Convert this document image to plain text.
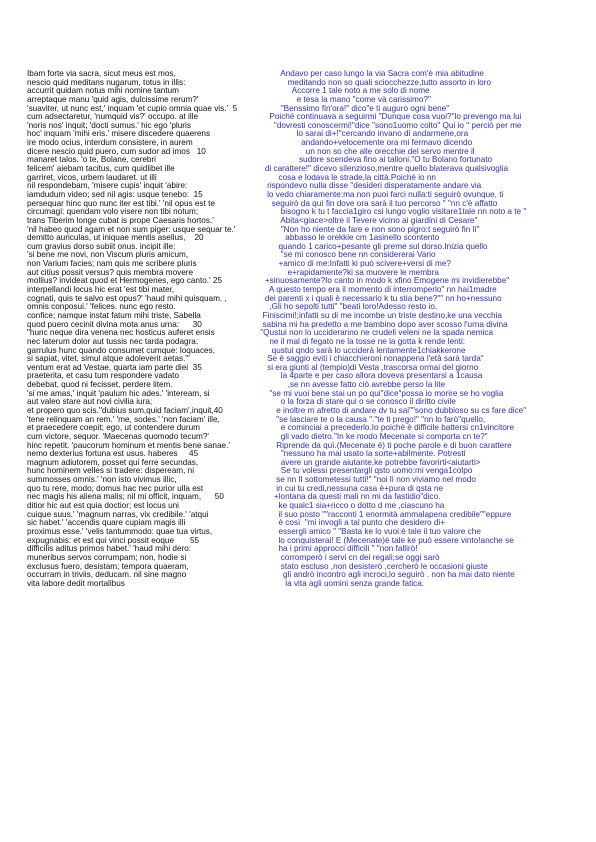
Ibam forte via sacra, sicut meus est mos,
nescio quid meditans nugarum, totus in illis:
accurrit quidam notus mihi nomine tantum
arreptaque manu 'quid agis, dulcissime rerum?'
'suaviter, ut nunc est,' inquam 'et cupio omnia quae vis.'  5
cum adsectaretur, 'numquid vis?' occupo. at ille
'noris nos' inquit; 'docti sumus.' hic ego 'pluris
hoc' inquam 'mihi eris.' misere discedere quaerens
ire modo ocius, interdum consistere, in aurem
dicere nescio quid puero, cum sudor ad imos   10
manaret talos. 'o te, Bolane, cerebri
felicem' aiebam tacitus, cum quidlibet ille
garriret, vicos, urbem laudaret. ut illi
nil respondebam, 'misere cupis' inquit 'abire:
iamdudum video; sed nil agis: usque tenebo:  15
persequar hinc quo nunc iter est tibi.' 'nil opus est te
circumagi: quendam volo visere non tibi notum;
trans Tiberim longe cubat is prope Caesaris hortos.'
'nil habeo quod agam et non sum piger: usque sequar te.'
demitto auriculas, ut iniquae mentis asellus,    20
cum gravius dorso subiit onus. incipit ille:
'si bene me novi, non Viscum pluris amicum,
non Varium facies; nam quis me scribere pluris
aut citius possit versus? quis membra movere
mollius? invideat quod et Hermogenes, ego canto.' 25
interpellandi locus hic erat 'est tibi mater,
cognati, quis te salvo est opus?' 'haud mihi quisquam. ,
omnis conposui.' 'felices. nunc ego resto.
confice; namque instat fatum mihi triste, Sabella
quod puero cecinit divina mota anus urna:      30
"hunc neque dira venena nec hosticus auferet ensis
nec laterum dolor aut tussis nec tarda podagra:
garrulus hunc quando consumet cumque: loquaces,
si sapiat, vitet, simul atque adoleverit aetas."'
ventum erat ad Vestae, quarta iam parte diei  35
praeterita, et casu tum respondere vadato
debebat, quod ni fecisset, perdere litem.
'si me amas,' inquit 'paulum hic ades.' 'inteream, si
aut valeo stare aut novi civilia iura;
et propero quo scis.''dubius sum,quid faciam',inquit,40
'tene relinquam an rem.' 'me, sodes.' 'non faciam' ille,
et praecedere coepit; ego, ut contendere durum
cum victore, sequor. 'Maecenas quomodo tecum?'
hinc repetit. 'paucorum hominum et mentis bene sanae.'
nemo dexterius fortuna est usus. haberes     45
magnum adiutorem, posset qui ferre secundas,
hunc hominem velles si tradere: dispeream, ni
summosses omnis.' 'non isto vivimus illic,
quo tu rere, modo; domus hac nec purior ulla est
nec magis his aliena malis; nil mi officit, inquam,      50
ditior hic aut est quia doctior; est locus uni
cuique suus.' 'magnum narras, vix credibile.' 'atqui
sic habet.' 'accendis quare cupiam magis illi
proximus esse.' 'velis tantummodo: quae tua virtus,
expugnabis: et est qui vinci possit eoque       55
difficilis aditus primos habet.' 'haud mihi dero:
muneribus servos corrumpam; non, hodie si
exclusus fuero, desistam; tempora quaeram,
occurram in triviis, deducam. nil sine magno
vita labore dedit mortalibus
Andavo per caso lungo la via Sacra com'è mia abitudine
meditando non so quali sciocchezze,tutto assorto in loro
Accorre 1 tale noto a me solo di nome
e tesa la mano "come và carissimo?"
"Benssimo fin'ora!" dico"e ti auguro ogni bene"
Poiché continuava a seguirmi "Dunque cosa vuoi?"lo prevengo ma lui
"dovresti conoscermi!"dice "sono1uomo colto" Qui io " perciò per me
lo sarai di+!"cercando invano di andarmene,ora
andando+velocemente ora mi fermavo dicendo
un non so che alle orecchie del servo mentre il
sudore scendeva fino ai talloni."O tu Bolano fortunato
di carattere!" dicevo silenzioso,mentre quello blaterava qualsivoglia
cosa e lodava le strade,la città.Poichè io nn
rispondevo nulla disse "desideri disperatamente andare via
lo vedo chiaramente:ma non puoi farci nulla:ti seguirò ovunque, ti
seguirò da quì fin dove ora sarà il tuo percorso " "nn c'è affatto
bisogno k tu t faccia1giro csi lungo voglio visitare1tale nn noto a te "
Abita<giace>oltre il Tevere vicino ai giardini di Cesare"
"Non ho niente da fare e non sono pigro:t seguirò fin lì"
abbasso le orekkie cm 1asinello scontento
quando 1 carico+pesante gli preme sul dorso.Inizia quello
"se mi conosco bene nn considererai Vario
+amico di me:Infatti ki può scivere+versi di me?
e+rapidamente?ki sa muovere le membra
+sinuosamente?Io canto in modo k xfino Emogene mi invidierebbe"
A questo tempo era il momento di interromperlo" nn hai1madre
dei parenti x i quali è necessario k tu stia bene?"" nn ho+nessuno
,Gli ho sepolti tutti" "beati loro!Adesso resto io.
Finiscimi!;infatti su di me incombe un triste destino,ke una vecchia
sabina mi ha predetto a me bambino dopo aver scosso l'urna divina
"Qustui non lo uccideranno ne crudeli veleni ne la spada nemica
ne il mal di fegato ne la tosse ne la gotta k rende lenti:
qustui qndo sarà lo ucciderà lentamente1chiakkerone
Se è saggio eviti i chiacchieroni nonappena l'età sarà tarda"
si era giunti al (tempio)di Vesta ,trascorsa ormai del giorno
la 4parte e per caso allora doveva presentarsi a 1causa
,se nn avesse fatto ciò avrebbe perso la lite
"se mi vuoi bene stai un po qui"dice"possa io morire se ho voglia
o la forza di stare qui o se conosco il diritto civile
e inoltre m afretto di andare dv tu sai""sono dubbioso su cs fare dice"
"se lasciare te o la causa "."te ti prego!" "nn lo farò"quello,
e cominciai a precederlo.Io poichè è difficile battersi cn1vincitore
gli vado dietro."In ke modo Mecenate si comporta cn te?"
Riprende da quì.(Mecenate è) ti poche parole e di buon carattere
"nessuno ha mai usato la sorte+abilmente. Potresti
avere un grande aiutante,ke potrebbe favorirti<aiutarti>
Se tu volessi presentargli qsto uomo:mi venga1colpo
se nn lI sottometessi tutti!" "noi lì non viviamo nel modo
in cui tu credi,nessuna casa è+pura di qsta ne
+lontana da questi mali nn mi da fastidio"dico.
ke qualc1 sia+ricco o dotto d me ,ciascuno ha
il suo posto ""racconti 1 enormità ammalapena credibile""eppure
è così  "mi invogli a tal punto che desidero di+
essergli amico " "Basta ke lo vuoi:è tale il tuo valore che
lo conquisterai! E (Mecenate)è tale ke può essere vinto!anche se
ha i primi approcci difficili " "non fallirò!
corromperò i servi cn dei regali;se oggi sarò
stato escluso ,non desisterò ,cercherò le occasioni giuste
gli andrò incontro agli incroci,lo seguirò . non ha mai dato niente
la vita agli uomini senza grande fatica.
